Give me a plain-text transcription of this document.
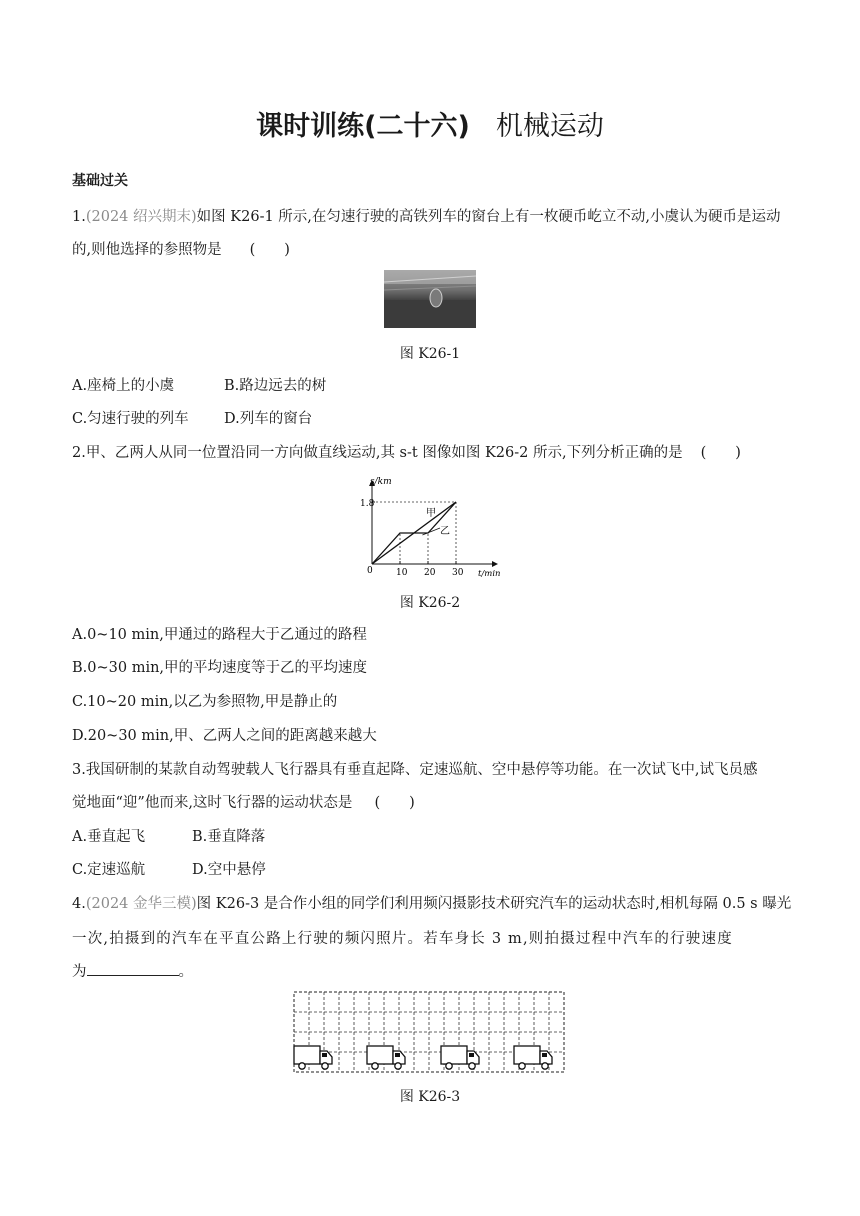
课时训练(二十六) 机械运动
基础过关
1.(2024 绍兴期末)如图 K26-1 所示,在匀速行驶的高铁列车的窗台上有一枚硬币屹立不动,小虞认为硬币是运动
的,则他选择的参照物是 (　　)
图 K26-1
A.座椅上的小虞	B.路边远去的树
C.匀速行驶的列车 D.列车的窗台
2.甲、乙两人从同一位置沿同一方向做直线运动,其 s-t 图像如图 K26-2 所示,下列分析正确的是 (　　)
s/km
t/min
1.8
0	10 20 30
甲
乙
图 K26-2
A.0~10 min,甲通过的路程大于乙通过的路程
B.0~30 min,甲的平均速度等于乙的平均速度
C.10~20 min,以乙为参照物,甲是静止的
D.20~30 min,甲、乙两人之间的距离越来越大
3.我国研制的某款自动驾驶载人飞行器具有垂直起降、定速巡航、空中悬停等功能。在一次试飞中,试飞员感
觉地面“迎”他而来,这时飞行器的运动状态是 (　　)
A.垂直起飞	B.垂直降落
C.定速巡航	D.空中悬停
4.(2024 金华三模)图 K26-3 是合作小组的同学们利用频闪摄影技术研究汽车的运动状态时,相机每隔 0.5 s 曝光
一次,拍摄到的汽车在平直公路上行驶的频闪照片。若车身长 3 m,则拍摄过程中汽车的行驶速度
为	。
图 K26-3
